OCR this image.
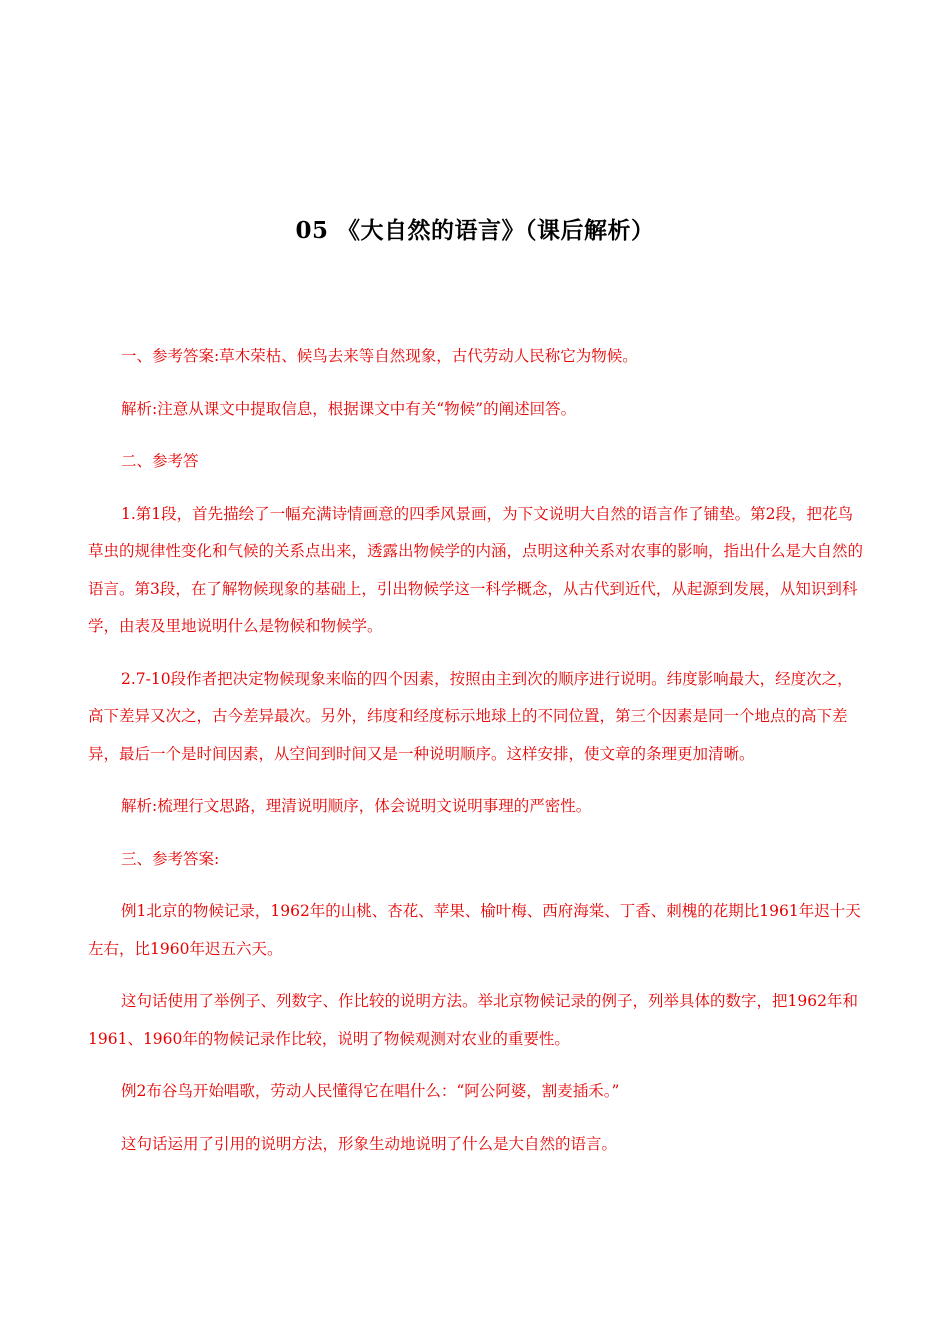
05 《大自然的语言》（课后解析）

一、参考答案:草木荣枯、候鸟去来等自然现象，古代劳动人民称它为物候。

解析:注意从课文中提取信息，根据课文中有关“物候”的阐述回答。

二、参考答

1.第1段，首先描绘了一幅充满诗情画意的四季风景画，为下文说明大自然的语言作了铺垫。第2段，把花鸟草虫的规律性变化和气候的关系点出来，透露出物候学的内涵，点明这种关系对农事的影响，指出什么是大自然的语言。第3段，在了解物候现象的基础上，引出物候学这一科学概念，从古代到近代，从起源到发展，从知识到科学，由表及里地说明什么是物候和物候学。

2.7-10段作者把决定物候现象来临的四个因素，按照由主到次的顺序进行说明。纬度影响最大，经度次之，高下差异又次之，古今差异最次。另外，纬度和经度标示地球上的不同位置，第三个因素是同一个地点的高下差异，最后一个是时间因素，从空间到时间又是一种说明顺序。这样安排，使文章的条理更加清晰。

解析:梳理行文思路，理清说明顺序，体会说明文说明事理的严密性。

三、参考答案:

例1北京的物候记录，1962年的山桃、杏花、苹果、榆叶梅、西府海棠、丁香、刺槐的花期比1961年迟十天左右，比1960年迟五六天。

这句话使用了举例子、列数字、作比较的说明方法。举北京物候记录的例子，列举具体的数字，把1962年和1961、1960年的物候记录作比较，说明了物候观测对农业的重要性。

例2布谷鸟开始唱歌，劳动人民懂得它在唱什么：“阿公阿婆，割麦插禾。”

这句话运用了引用的说明方法，形象生动地说明了什么是大自然的语言。
